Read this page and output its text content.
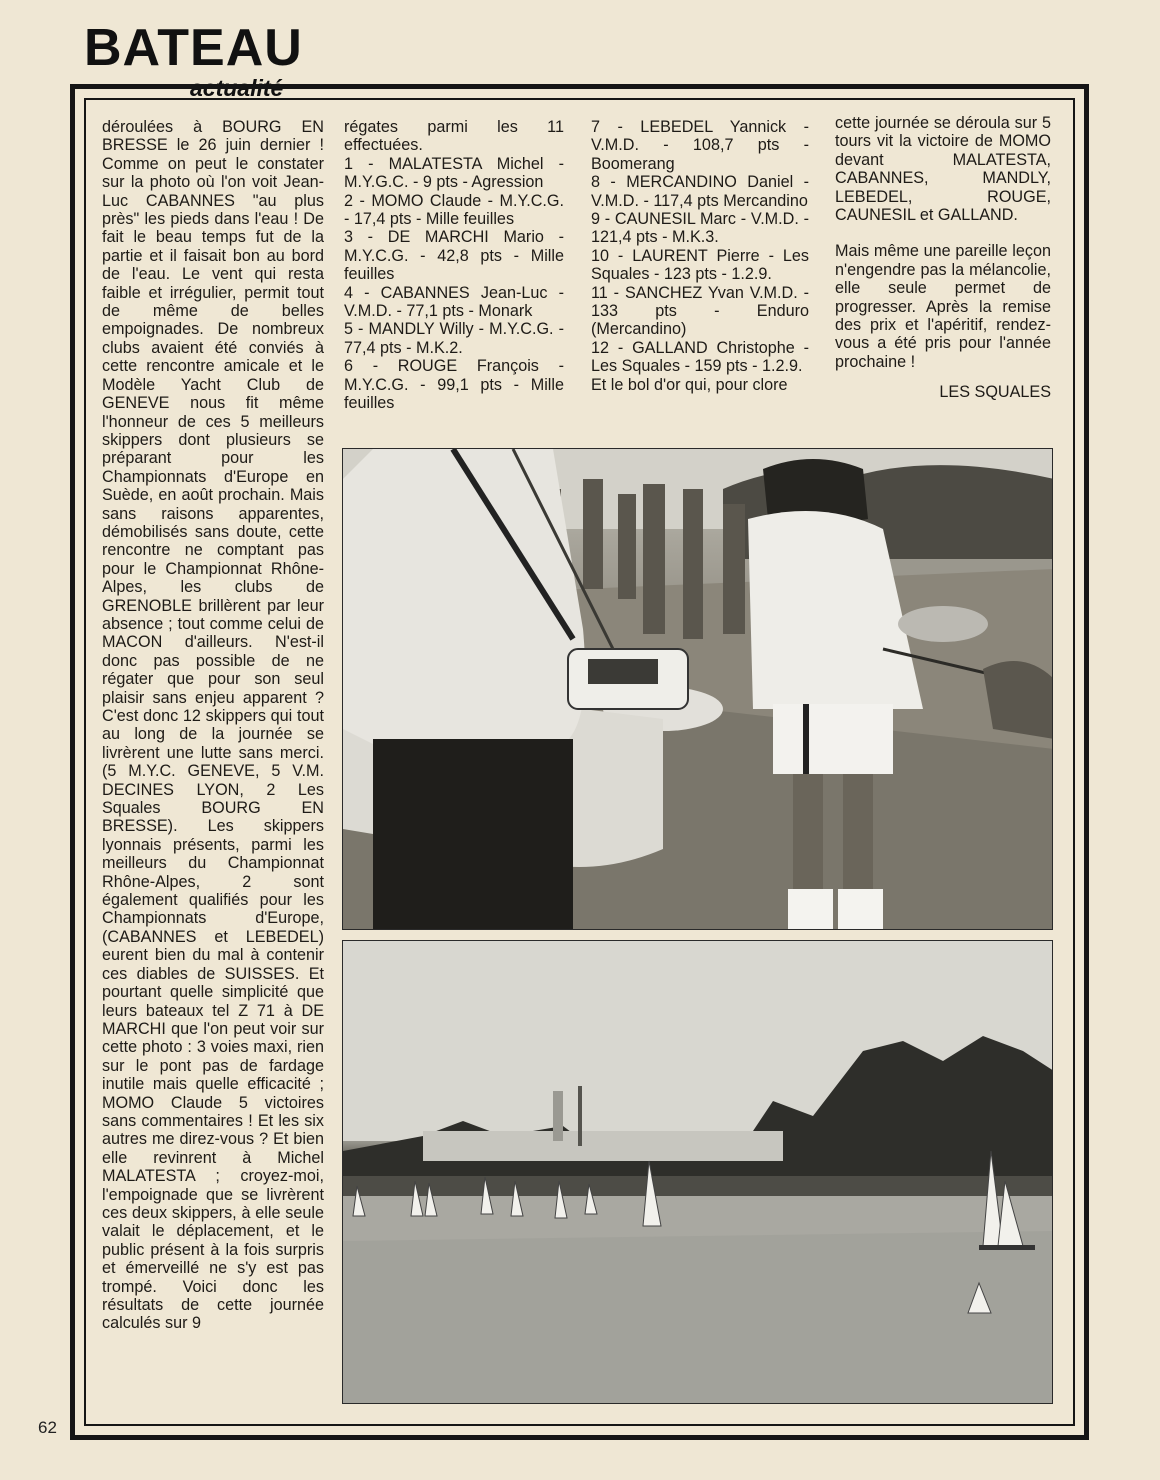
BATEAU
actualité

déroulées à BOURG EN BRESSE le 26 juin dernier ! Comme on peut le constater sur la photo où l'on voit Jean-Luc CABANNES "au plus près" les pieds dans l'eau ! De fait le beau temps fut de la partie et il faisait bon au bord de l'eau. Le vent qui resta faible et irrégulier, permit tout de même de belles empoignades. De nombreux clubs avaient été conviés à cette rencontre amicale et le Modèle Yacht Club de GENEVE nous fit même l'honneur de ces 5 meilleurs skippers dont plusieurs se préparant pour les Championnats d'Europe en Suède, en août prochain. Mais sans raisons apparentes, démobilisés sans doute, cette rencontre ne comptant pas pour le Championnat Rhône-Alpes, les clubs de GRENOBLE brillèrent par leur absence ; tout comme celui de MACON d'ailleurs. N'est-il donc pas possible de ne régater que pour son seul plaisir sans enjeu apparent ? C'est donc 12 skippers qui tout au long de la journée se livrèrent une lutte sans merci. (5 M.Y.C. GENEVE, 5 V.M. DECINES LYON, 2 Les Squales BOURG EN BRESSE). Les skippers lyonnais présents, parmi les meilleurs du Championnat Rhône-Alpes, 2 sont également qualifiés pour les Championnats d'Europe, (CABANNES et LEBEDEL) eurent bien du mal à contenir ces diables de SUISSES. Et pourtant quelle simplicité que leurs bateaux tel Z 71 à DE MARCHI que l'on peut voir sur cette photo : 3 voies maxi, rien sur le pont pas de fardage inutile mais quelle efficacité ; MOMO Claude 5 victoires sans commentaires ! Et les six autres me direz-vous ? Et bien elle revinrent à Michel MALATESTA ; croyez-moi, l'empoignade que se livrèrent ces deux skippers, à elle seule valait le déplacement, et le public présent à la fois surpris et émerveillé ne s'y est pas trompé. Voici donc les résultats de cette journée calculés sur 9

régates parmi les 11 effectuées.

1 - MALATESTA Michel - M.Y.G.C. - 9 pts - Agression

2 - MOMO Claude - M.Y.C.G. - 17,4 pts - Mille feuilles

3 - DE MARCHI Mario - M.Y.C.G. - 42,8 pts - Mille feuilles

4 - CABANNES Jean-Luc - V.M.D. - 77,1 pts - Monark

5 - MANDLY Willy - M.Y.C.G. - 77,4 pts - M.K.2.

6 - ROUGE François - M.Y.C.G. - 99,1 pts - Mille feuilles

7 - LEBEDEL Yannick - V.M.D. - 108,7 pts - Boomerang

8 - MERCANDINO Daniel - V.M.D. - 117,4 pts Mercandino

9 - CAUNESIL Marc - V.M.D. - 121,4 pts - M.K.3.

10 - LAURENT Pierre - Les Squales - 123 pts - 1.2.9.

11 - SANCHEZ Yvan V.M.D. - 133 pts - Enduro (Mercandino)

12 - GALLAND Christophe - Les Squales - 159 pts - 1.2.9.

Et le bol d'or qui, pour clore

cette journée se déroula sur 5 tours vit la victoire de MOMO devant MALATESTA, CABANNES, MANDLY, LEBEDEL, ROUGE, CAUNESIL et GALLAND.

Mais même une pareille leçon n'engendre pas la mélancolie, elle seule permet de progresser. Après la remise des prix et l'apéritif, rendez-vous a été pris pour l'année prochaine !

LES SQUALES

62
